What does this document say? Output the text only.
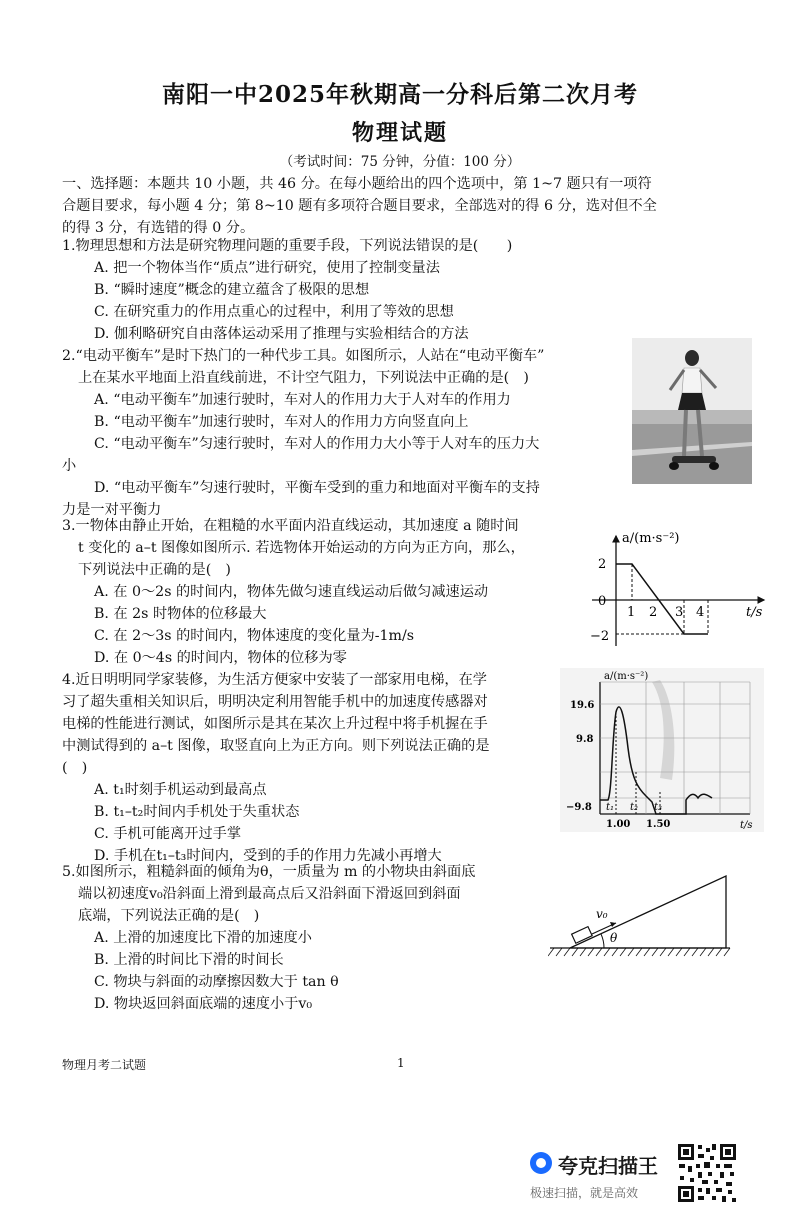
南阳一中2025年秋期高一分科后第二次月考
物理试题
（考试时间：75 分钟，分值：100 分）
一、选择题：本题共 10 小题，共 46 分。在每小题给出的四个选项中，第 1~7 题只有一项符
合题目要求，每小题 4 分；第 8~10 题有多项符合题目要求，全部选对的得 6 分，选对但不全
的得 3 分，有选错的得 0 分。
1.物理思想和方法是研究物理问题的重要手段，下列说法错误的是(　　)
A. 把一个物体当作“质点”进行研究，使用了控制变量法
B. “瞬时速度”概念的建立蕴含了极限的思想
C. 在研究重力的作用点重心的过程中，利用了等效的思想
D. 伽利略研究自由落体运动采用了推理与实验相结合的方法
2.“电动平衡车”是时下热门的一种代步工具。如图所示，人站在“电动平衡车”
上在某水平地面上沿直线前进，不计空气阻力，下列说法中正确的是(　)
A. “电动平衡车”加速行驶时，车对人的作用力大于人对车的作用力
B. “电动平衡车”加速行驶时，车对人的作用力方向竖直向上
C. “电动平衡车”匀速行驶时，车对人的作用力大小等于人对车的压力大
小
D. “电动平衡车”匀速行驶时，平衡车受到的重力和地面对平衡车的支持
力是一对平衡力
3.一物体由静止开始，在粗糙的水平面内沿直线运动，其加速度 a 随时间
t 变化的 a–t 图像如图所示. 若选物体开始运动的方向为正方向，那么，
下列说法中正确的是(　)
A. 在 0～2s 的时间内，物体先做匀速直线运动后做匀减速运动
B. 在 2s 时物体的位移最大
C. 在 2～3s 的时间内，物体速度的变化量为-1m/s
D. 在 0～4s 的时间内，物体的位移为零
a/(m·s⁻²)
t/s
2
0
−2
1 2 3 4
4.近日明明同学家装修，为生活方便家中安装了一部家用电梯，在学
习了超失重相关知识后，明明决定利用智能手机中的加速度传感器对
电梯的性能进行测试，如图所示是其在某次上升过程中将手机握在手
中测试得到的 a–t 图像，取竖直向上为正方向。则下列说法正确的是
(　)
A. t₁时刻手机运动到最高点
B. t₁–t₂时间内手机处于失重状态
C. 手机可能离开过手掌
D. 手机在t₁–t₃时间内，受到的手的作用力先减小再增大
a/(m·s⁻²)
19.6
9.8
−9.8
1.00 1.50	t/s
t₁ t₂ t₃
5.如图所示，粗糙斜面的倾角为θ，一质量为 m 的小物块由斜面底
端以初速度v₀沿斜面上滑到最高点后又沿斜面下滑返回到斜面
底端，下列说法正确的是(　)
A. 上滑的加速度比下滑的加速度小
B. 上滑的时间比下滑的时间长
C. 物块与斜面的动摩擦因数大于 tan θ
D. 物块返回斜面底端的速度小于v₀
v₀
θ
物理月考二试题	1
夸克扫描王
极速扫描，就是高效
